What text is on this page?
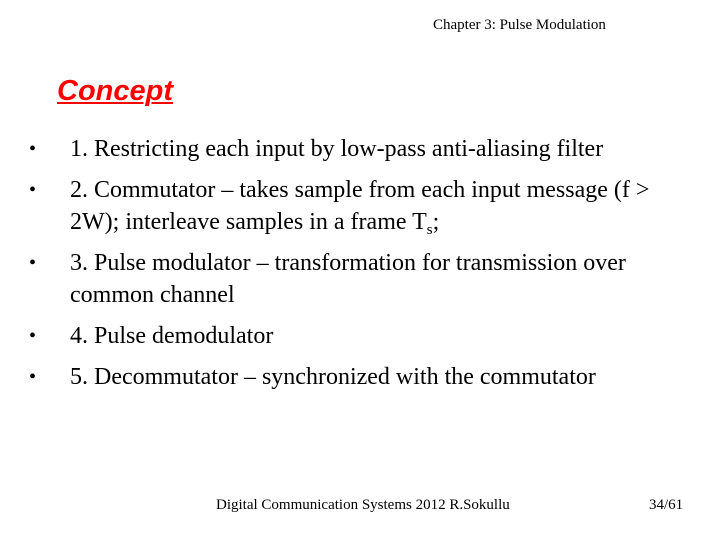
Chapter 3: Pulse Modulation
Concept
• 1. Restricting each input by low-pass anti-aliasing filter
• 2. Commutator – takes sample from each input message (f > 2W); interleave samples in a frame $T_s$;
• 3. Pulse modulator – transformation for transmission over common channel
• 4. Pulse demodulator
• 5. Decommutator – synchronized with the commutator
Digital Communication Systems 2012 R.Sokullu	34/61
